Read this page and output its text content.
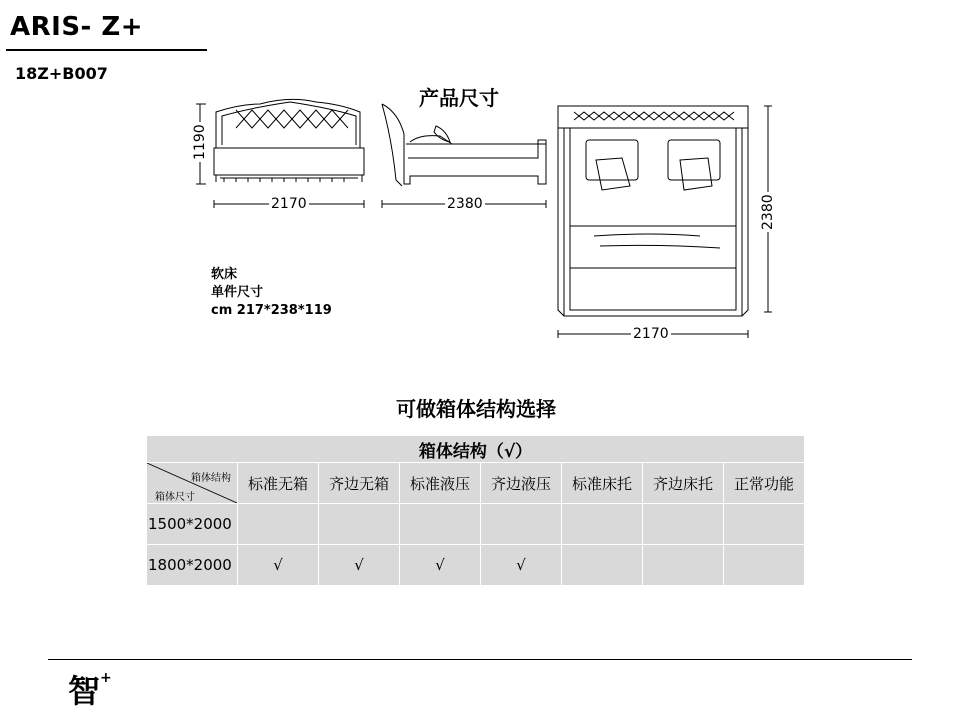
ARIS- Z+
18Z+B007
产品尺寸
1190
2170	2380	2380
2170
软床
单件尺寸
cm 217*238*119
可做箱体结构选择
箱体结构（√）							

箱体结构
箱体尺寸	标准无箱	齐边无箱	标准液压	齐边液压	标准床托	齐边床托	正常功能
1500*2000							
1800*2000	√	√	√	√			
智+
